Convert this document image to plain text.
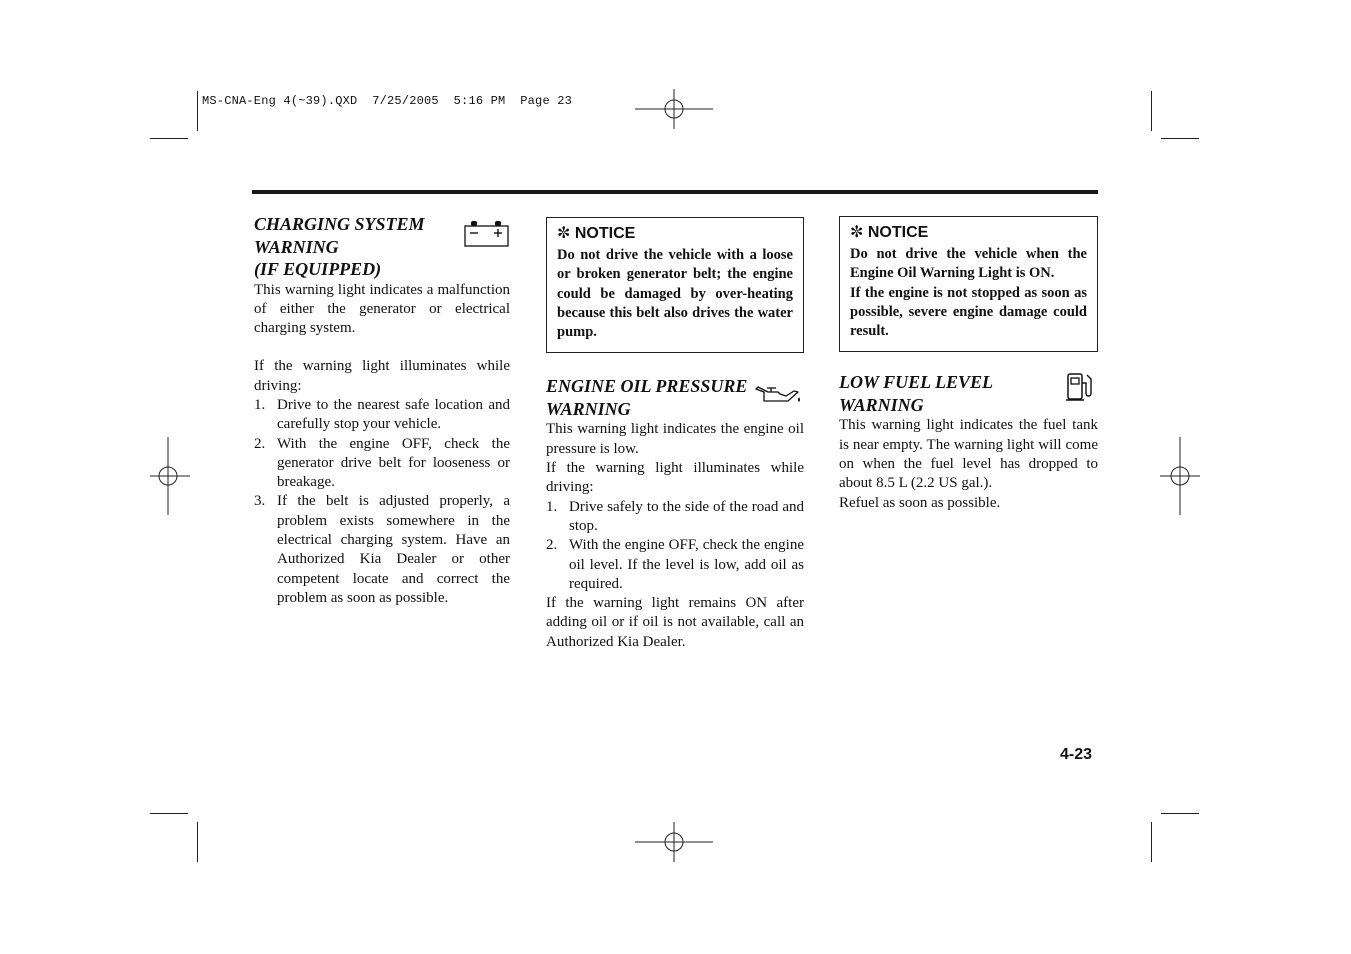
MS-CNA-Eng 4(~39).QXD  7/25/2005  5:16 PM  Page 23
CHARGING SYSTEM
WARNING
(IF EQUIPPED)

This warning light indicates a malfunction of either the generator or electrical charging system.

If the warning light illuminates while driving:

1. Drive to the nearest safe location and carefully stop your vehicle.
2. With the engine OFF, check the generator drive belt for looseness or breakage.
3. If the belt is adjusted properly, a problem exists somewhere in the electrical charging system. Have an Authorized Kia Dealer or other competent locate and correct the problem as soon as possible.
✼ NOTICE
Do not drive the vehicle with a loose or broken generator belt; the engine could be damaged by over-heating because this belt also drives the water pump.
ENGINE OIL PRESSURE
WARNING

This warning light indicates the engine oil pressure is low.

If the warning light illuminates while driving:

1. Drive safely to the side of the road and stop.
2. With the engine OFF, check the engine oil level. If the level is low, add oil as required.

If the warning light remains ON after adding oil or if oil is not available, call an Authorized Kia Dealer.

✼ NOTICE
Do not drive the vehicle when the Engine Oil Warning Light is ON.
If the engine is not stopped as soon as possible, severe engine damage could result.
LOW FUEL LEVEL
WARNING

This warning light indicates the fuel tank is near empty. The warning light will come on when the fuel level has dropped to about 8.5 L (2.2 US gal.).

Refuel as soon as possible.

4-23
